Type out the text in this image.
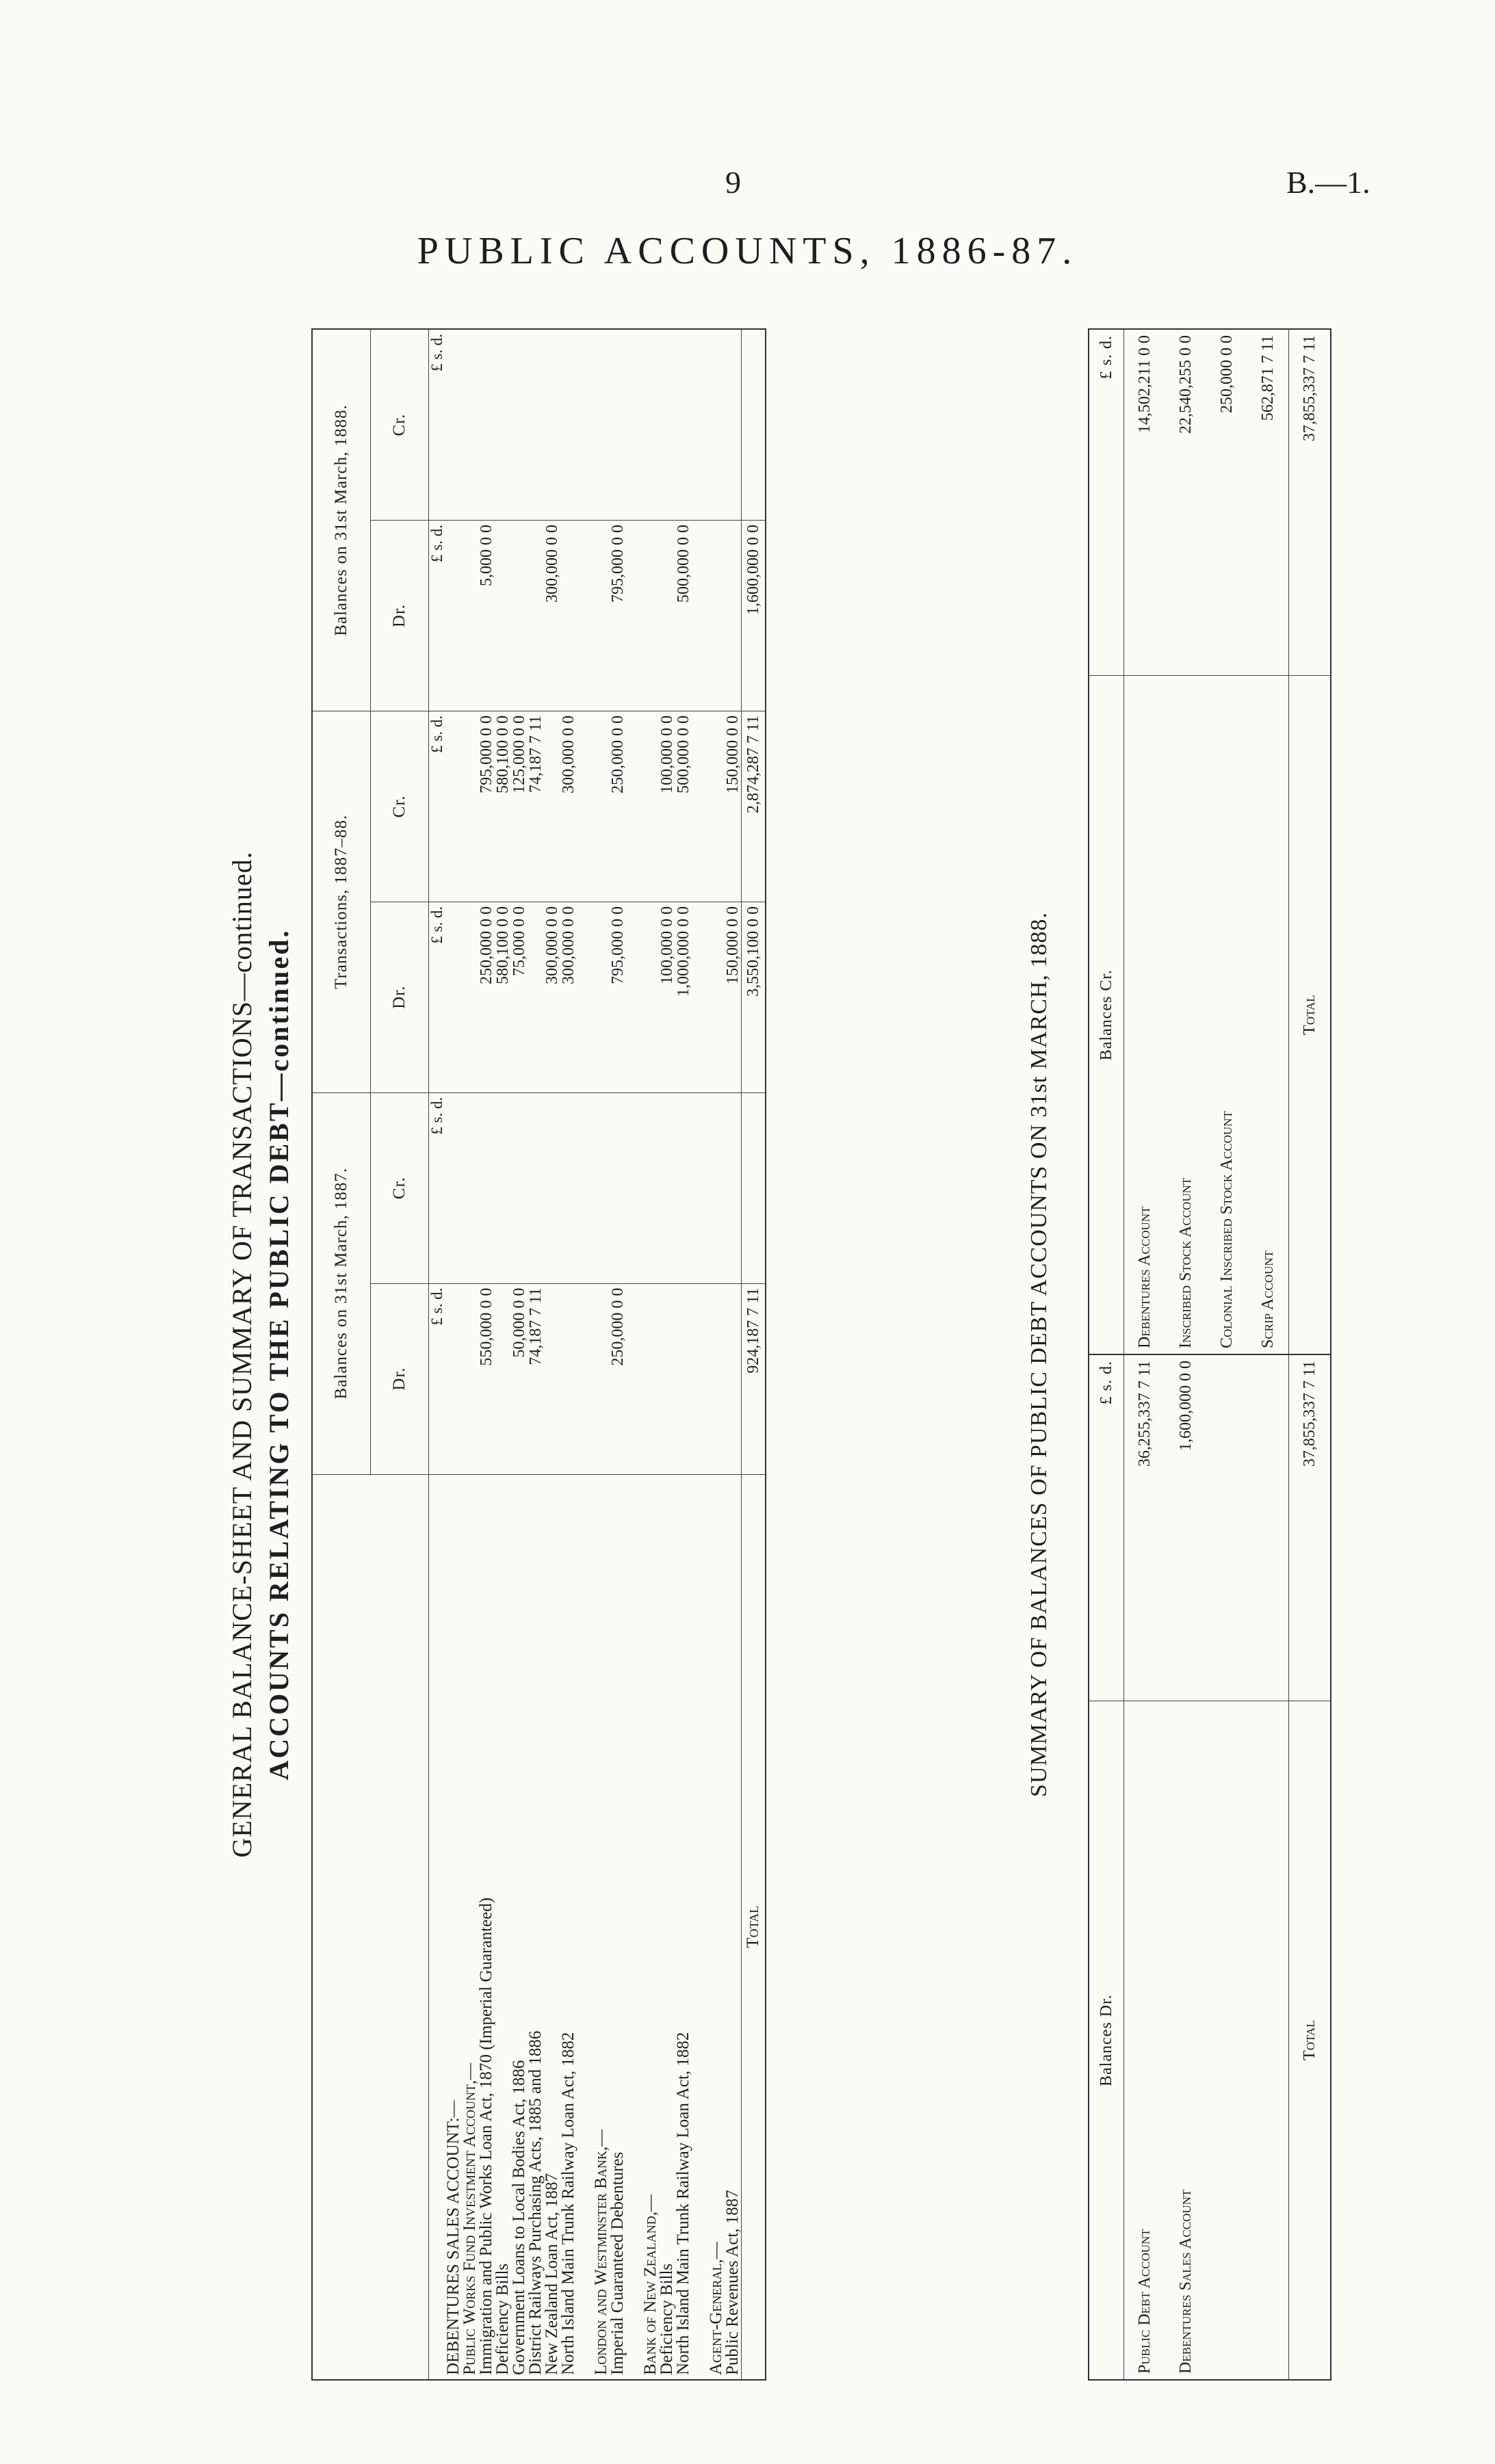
9	B.—1.
PUBLIC ACCOUNTS, 1886-87.
GENERAL BALANCE-SHEET AND SUMMARY OF TRANSACTIONS—continued. ACCOUNTS RELATING TO THE PUBLIC DEBT—continued.
	Balances on 31st March, 1887.		Transactions, 1887–88.		Balances on 31st March, 1888.	
	Dr.	Cr.	Dr.	Cr.	Dr.	Cr.
	£ s. d.	£ s. d.	£ s. d.	£ s. d.	£ s. d.	£ s. d.
DEBENTURES SALES ACCOUNT:—						
Public Works Fund Investment Account,—						
Immigration and Public Works Loan Act, 1870 (Imperial Guaranteed)	550,000 0 0		250,000 0 0	795,000 0 0	5,000 0 0	
Deficiency Bills			580,100 0 0	580,100 0 0		
Government Loans to Local Bodies Act, 1886	50,000 0 0		75,000 0 0	125,000 0 0		
District Railways Purchasing Acts, 1885 and 1886	74,187 7 11			74,187 7 11		
New Zealand Loan Act, 1887			300,000 0 0		300,000 0 0	
North Island Main Trunk Railway Loan Act, 1882			300,000 0 0	300,000 0 0		

London and Westminster Bank,—						
Imperial Guaranteed Debentures	250,000 0 0		795,000 0 0	250,000 0 0	795,000 0 0	

Bank of New Zealand,—						
Deficiency Bills			100,000 0 0	100,000 0 0		
North Island Main Trunk Railway Loan Act, 1882			1,000,000 0 0	500,000 0 0	500,000 0 0	

Agent-General,—						
Public Revenues Act, 1887			150,000 0 0	150,000 0 0		
Total	924,187 7 11		3,550,100 0 0	2,874,287 7 11	1,600,000 0 0	
SUMMARY OF BALANCES OF PUBLIC DEBT ACCOUNTS ON 31st MARCH, 1888.
Balances Dr.	£ s. d.	Balances Cr.	£ s. d.
Public Debt Account	36,255,337 7 11	Debentures Account	14,502,211 0 0
Debentures Sales Account	1,600,000 0 0	Inscribed Stock Account	22,540,255 0 0
		Colonial Inscribed Stock Account	250,000 0 0
		Scrip Account	562,871 7 11
Total	37,855,337 7 11	Total	37,855,337 7 11
